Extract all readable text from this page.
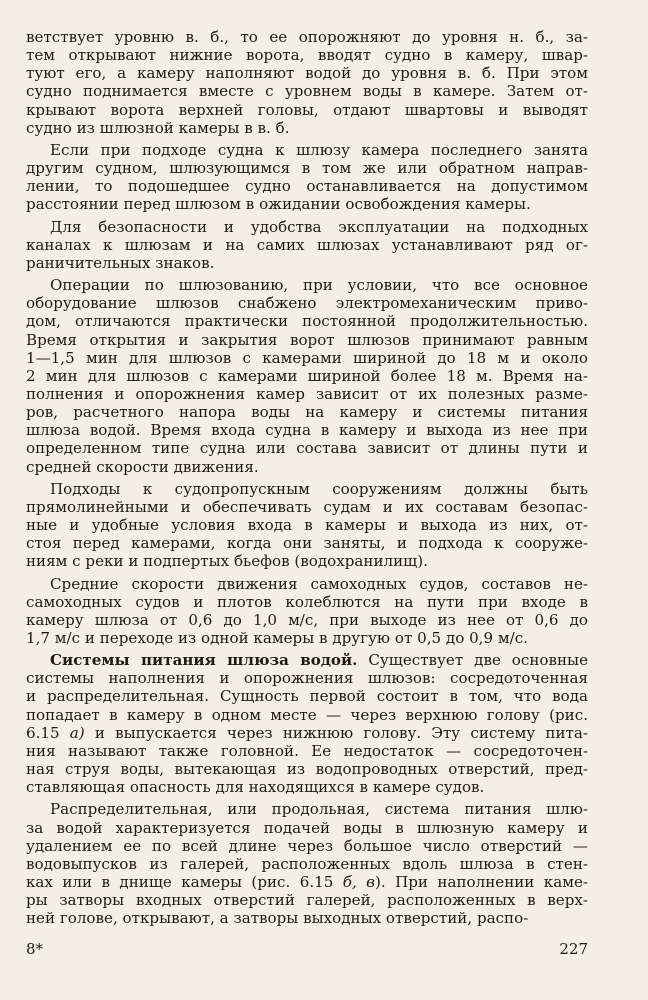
ветствует уровню в. б., то ее опорожняют до уровня н. б., за-
тем открывают нижние ворота, вводят судно в камеру, швар-
туют его, а камеру наполняют водой до уровня в. б. При этом
судно поднимается вместе с уровнем воды в камере. Затем от-
крывают ворота верхней головы, отдают швартовы и выводят
судно из шлюзной камеры в в. б.
Если при подходе судна к шлюзу камера последнего занята
другим судном, шлюзующимся в том же или обратном направ-
лении, то подошедшее судно останавливается на допустимом
расстоянии перед шлюзом в ожидании освобождения камеры.
Для безопасности и удобства эксплуатации на подходных
каналах к шлюзам и на самих шлюзах устанавливают ряд ог-
раничительных знаков.
Операции по шлюзованию, при условии, что все основное
оборудование шлюзов снабжено электромеханическим приво-
дом, отличаются практически постоянной продолжительностью.
Время открытия и закрытия ворот шлюзов принимают равным
1—1,5 мин для шлюзов с камерами шириной до 18 м и около
2 мин для шлюзов с камерами шириной более 18 м. Время на-
полнения и опорожнения камер зависит от их полезных разме-
ров, расчетного напора воды на камеру и системы питания
шлюза водой. Время входа судна в камеру и выхода из нее при
определенном типе судна или состава зависит от длины пути и
средней скорости движения.
Подходы к судопропускным сооружениям должны быть
прямолинейными и обеспечивать судам и их составам безопас-
ные и удобные условия входа в камеры и выхода из них, от-
стоя перед камерами, когда они заняты, и подхода к сооруже-
ниям с реки и подпертых бьефов (водохранилищ).
Средние скорости движения самоходных судов, составов не-
самоходных судов и плотов колеблются на пути при входе в
камеру шлюза от 0,6 до 1,0 м/с, при выходе из нее от 0,6 до
1,7 м/с и переходе из одной камеры в другую от 0,5 до 0,9 м/с.
Системы питания шлюза водой. Существует две основные
системы наполнения и опорожнения шлюзов: сосредоточенная
и распределительная. Сущность первой состоит в том, что вода
попадает в камеру в одном месте — через верхнюю голову (рис.
6.15 а) и выпускается через нижнюю голову. Эту систему пита-
ния называют также головной. Ее недостаток — сосредоточен-
ная струя воды, вытекающая из водопроводных отверстий, пред-
ставляющая опасность для находящихся в камере судов.
Распределительная, или продольная, система питания шлю-
за водой характеризуется подачей воды в шлюзную камеру и
удалением ее по всей длине через большое число отверстий —
водовыпусков из галерей, расположенных вдоль шлюза в стен-
ках или в днище камеры (рис. 6.15 б, в). При наполнении каме-
ры затворы входных отверстий галерей, расположенных в верх-
ней голове, открывают, а затворы выходных отверстий, распо-
8*	227
